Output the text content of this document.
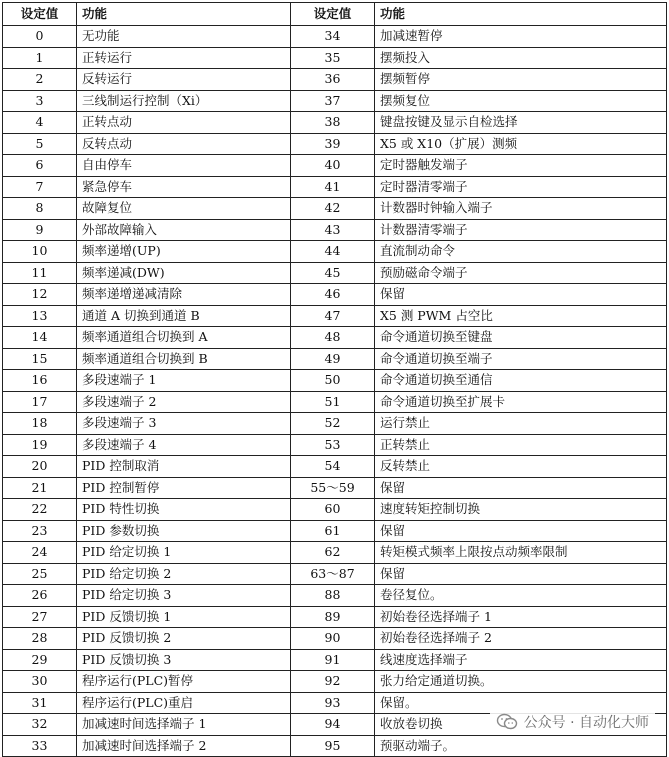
设定值	功能	设定值	功能
0	无功能	34	加减速暂停
1	正转运行	35	摆频投入
2	反转运行	36	摆频暂停
3	三线制运行控制（Xi）	37	摆频复位
4	正转点动	38	键盘按键及显示自检选择
5	反转点动	39	X5 或 X10（扩展）测频
6	自由停车	40	定时器触发端子
7	紧急停车	41	定时器清零端子
8	故障复位	42	计数器时钟输入端子
9	外部故障输入	43	计数器清零端子
10	频率递增(UP)	44	直流制动命令
11	频率递减(DW)	45	预励磁命令端子
12	频率递增递减清除	46	保留
13	通道 A 切换到通道 B	47	X5 测 PWM 占空比
14	频率通道组合切换到 A	48	命令通道切换至键盘
15	频率通道组合切换到 B	49	命令通道切换至端子
16	多段速端子 1	50	命令通道切换至通信
17	多段速端子 2	51	命令通道切换至扩展卡
18	多段速端子 3	52	运行禁止
19	多段速端子 4	53	正转禁止
20	PID 控制取消	54	反转禁止
21	PID 控制暂停	55～59	保留
22	PID 特性切换	60	速度转矩控制切换
23	PID 参数切换	61	保留
24	PID 给定切换 1	62	转矩模式频率上限按点动频率限制
25	PID 给定切换 2	63～87	保留
26	PID 给定切换 3	88	卷径复位。
27	PID 反馈切换 1	89	初始卷径选择端子 1
28	PID 反馈切换 2	90	初始卷径选择端子 2
29	PID 反馈切换 3	91	线速度选择端子
30	程序运行(PLC)暂停	92	张力给定通道切换。
31	程序运行(PLC)重启	93	保留。
32	加减速时间选择端子 1	94	收放卷切换
33	加减速时间选择端子 2	95	预驱动端子。
公众号 · 自动化大师
